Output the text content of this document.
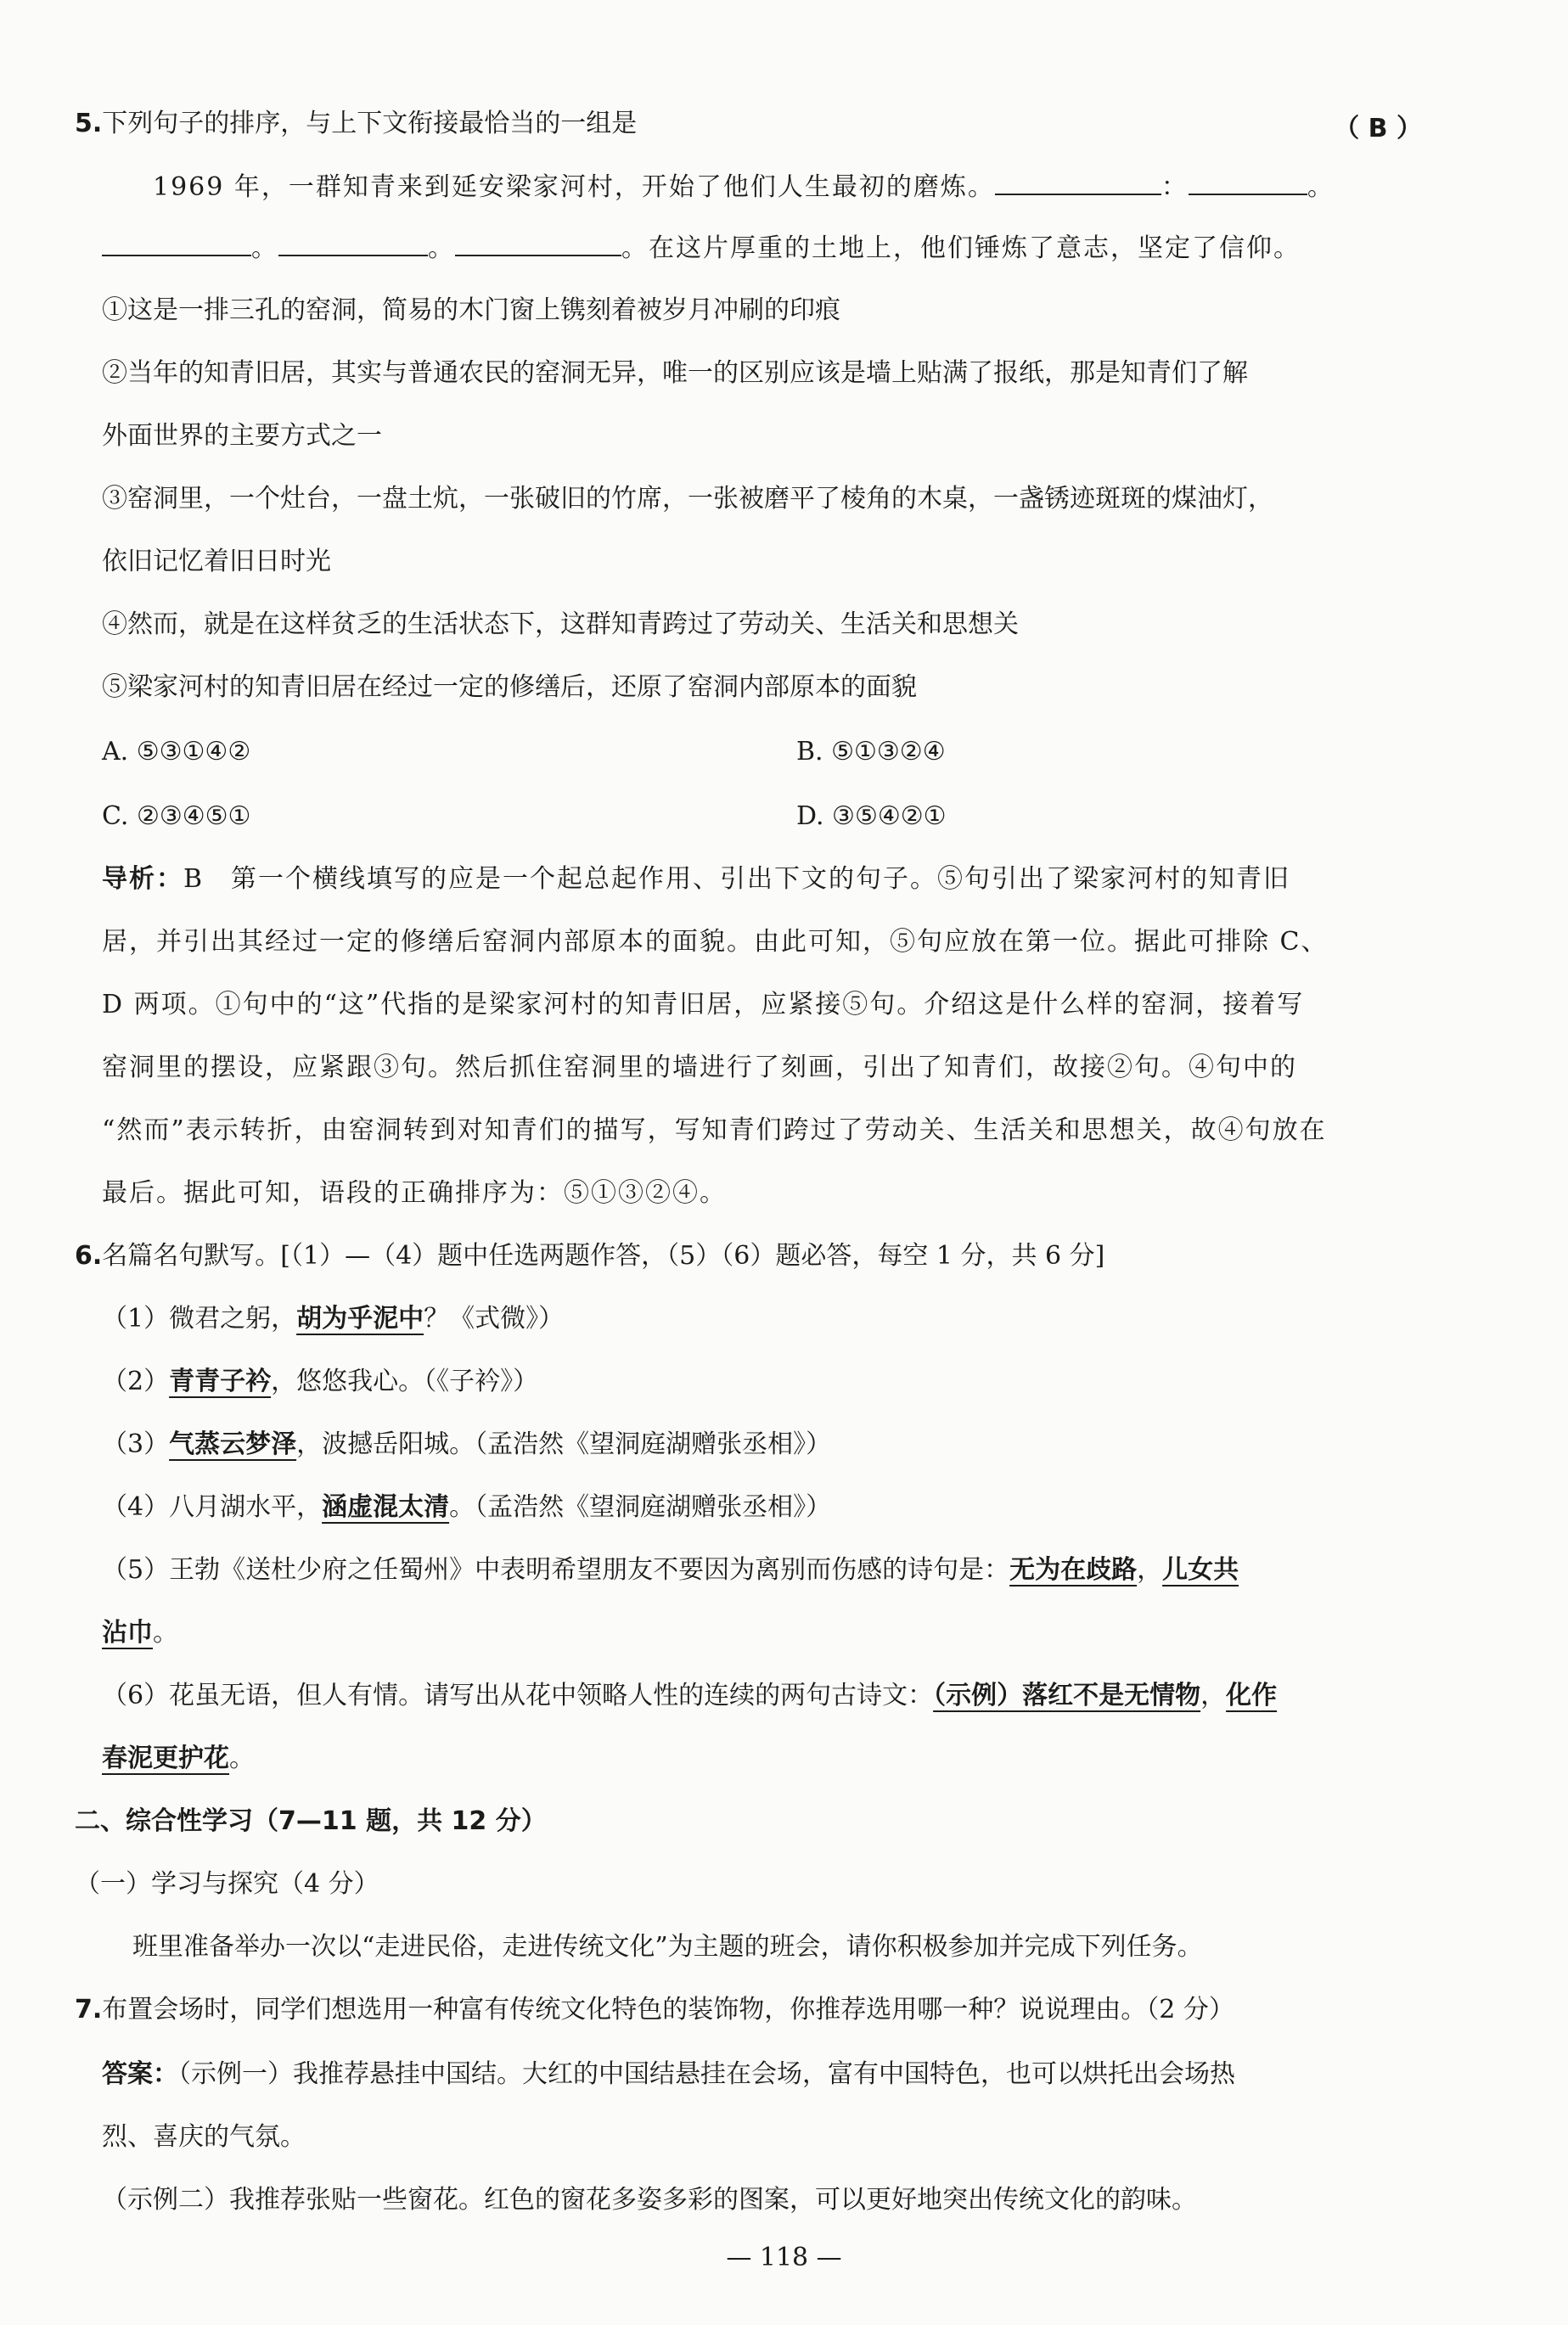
5.下列句子的排序，与上下文衔接最恰当的一组是	（ B ）
1969 年，一群知青来到延安梁家河村，开始了他们人生最初的磨炼。	：	。
。	。	。在这片厚重的土地上，他们锤炼了意志，坚定了信仰。
①这是一排三孔的窑洞，简易的木门窗上镌刻着被岁月冲刷的印痕
②当年的知青旧居，其实与普通农民的窑洞无异，唯一的区别应该是墙上贴满了报纸，那是知青们了解
外面世界的主要方式之一
③窑洞里，一个灶台，一盘土炕，一张破旧的竹席，一张被磨平了棱角的木桌，一盏锈迹斑斑的煤油灯，
依旧记忆着旧日时光
④然而，就是在这样贫乏的生活状态下，这群知青跨过了劳动关、生活关和思想关
⑤梁家河村的知青旧居在经过一定的修缮后，还原了窑洞内部原本的面貌
A. ⑤③①④②	B. ⑤①③②④
C. ②③④⑤①	D. ③⑤④②①
导析：B　第一个横线填写的应是一个起总起作用、引出下文的句子。⑤句引出了梁家河村的知青旧
居，并引出其经过一定的修缮后窑洞内部原本的面貌。由此可知，⑤句应放在第一位。据此可排除 C、
D 两项。①句中的“这”代指的是梁家河村的知青旧居，应紧接⑤句。介绍这是什么样的窑洞，接着写
窑洞里的摆设，应紧跟③句。然后抓住窑洞里的墙进行了刻画，引出了知青们，故接②句。④句中的
“然而”表示转折，由窑洞转到对知青们的描写，写知青们跨过了劳动关、生活关和思想关，故④句放在
最后。据此可知，语段的正确排序为：⑤①③②④。
6.名篇名句默写。[（1）—（4）题中任选两题作答，（5）（6）题必答，每空 1 分，共 6 分]
（1）微君之躬，胡为乎泥中？《式微》）
（2）青青子衿，悠悠我心。（《子衿》）
（3）气蒸云梦泽，波撼岳阳城。（孟浩然《望洞庭湖赠张丞相》）
（4）八月湖水平，涵虚混太清。（孟浩然《望洞庭湖赠张丞相》）
（5）王勃《送杜少府之任蜀州》中表明希望朋友不要因为离别而伤感的诗句是：无为在歧路，儿女共
沾巾。
（6）花虽无语，但人有情。请写出从花中领略人性的连续的两句古诗文：（示例）落红不是无情物，化作
春泥更护花。
二、综合性学习（7—11 题，共 12 分）
（一）学习与探究（4 分）
班里准备举办一次以“走进民俗，走进传统文化”为主题的班会，请你积极参加并完成下列任务。
7.布置会场时，同学们想选用一种富有传统文化特色的装饰物，你推荐选用哪一种？说说理由。（2 分）
答案：（示例一）我推荐悬挂中国结。大红的中国结悬挂在会场，富有中国特色，也可以烘托出会场热
烈、喜庆的气氛。
（示例二）我推荐张贴一些窗花。红色的窗花多姿多彩的图案，可以更好地突出传统文化的韵味。
— 118 —
